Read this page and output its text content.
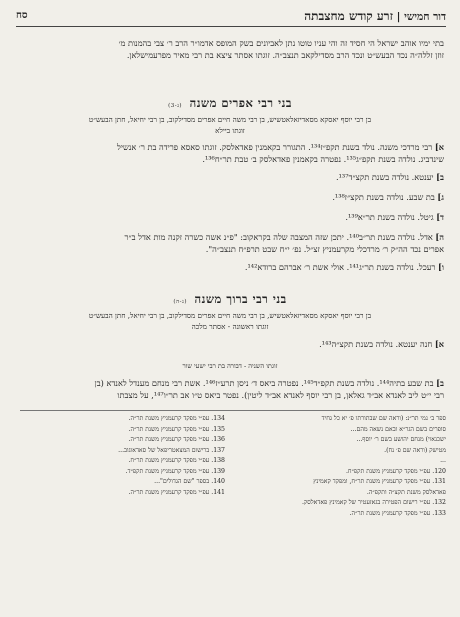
סח	דור חמישי | זרע קודש מחצבתה
בתי ימיו אוהב ישראל הי חסיד זה והי עניו טוטו נתן לאביונים בשק המופס אדמו״ר הרב ר׳ צבי בהמנות מ׳
זוזן זללה״ה נכד הבעש״ט ונכד הרב מסדילקאב תנצב״ה. זוגתו אסתר ציצא בת רבי מאיר מפרעמישלאן.
בני רבי אפרים משנה (נ-3)
בן רבי יוסף יאסקא מסאדיזאלאטשיש, בן רבי משה חיים אפרים מסדילקוב, בן רבי יחיאל, חתן הבעש״ט
זוגתו ביילא
א] רבי מרדכי משנה. נולד בשנת תקפ״ז¹³⁴. התגורר בקאמנין פאדאלסק. זוגתו סאסא פרידה בת ר׳ אנשיל
שינדביג. נולדה בשנת תקפ״ג¹³⁵. נפטרה בקאמנין פאדאלסק ב׳ טבת תר״ח¹³⁶.
ב] יענטא. נולדה בשנת תקצ״ד¹³⁷.
ג] בת שבע. נולדה בשנת תקצ״ז¹³⁸.
ד] גיטל. נולדה בשנת תר״א¹³⁹.
ה] אדל. נולדה בשנת תר״ב¹⁴⁰. יתכן שזה המצבה שלה בקראקוב: "פ״נ אשה כשרה זקנה מות אדל ב״ר
אפרים נכד הה״ק ר׳ מרדכלי מקרעמניץ זצ״ל. נפ׳ י״ח שבט תרפ״ח תנצב״ה".
ו] רעכל. נולדה בשנת תר״ג¹⁴¹. אולי אשת ר׳ אברהם ברודא¹⁴².
בני רבי ברוך משנה (נ-ה)
בן רבי יוסף יאסקא מסאדיזאלאטשיש, בן רבי משה חיים אפרים מסדילקוב, בן רבי יחיאל, חתן הבעש״ט
זוגתו ראשונה - אסתר מלכה
א] חנה יענטא. נולדה בשנת תקצ״ה¹⁴³.
זוגתו השניה - דבורה בת רבי ישעי שור
ב] בת שבע בתיה¹⁴⁴. נולדה בשנת תקפ״ד¹⁴⁵. נפטרה ביאס ד׳ ניסן תרע״ז¹⁴⁶. אשת רבי מנחם מענדל לאנדא (בן
רבי י״ט ליב לאנדא אב״ד גאלאן, בן רבי יוסף לאנדא אב״ד ליטין). נפטר ביאס ט״ו אב תר״ו¹⁴⁷, על מצבתו
ספר ב׳ נמי תר״נ: (וראה שם שבתורתו פ׳ יא כל גחיד
סופרים בשם הגר״א ובאם נשאה מהם...
ישכנאוי) מנחם יהושע בשם ר׳ יוסף...
מטישק (וראה שם פ׳ נח).
...
120. עפ״י מפקד קרעמניץ משנת תקפ״ח.
131. עפ״י מפקד קרעמניץ משנת תר״ח, ומפקד קאמינץ
פאדאלסק משנת תקצ״ה ותקפ״ה.
132. עפ״י רישום הפטירה בגאזעטיר של קאמינץ פאדאלסק.
133. עפ״י מפקד קרעמניץ משנת תר״ה.
134. עפ״י מפקד קרעמניץ משנת תר״ה.
135. עפ״י מפקד קרעמניץ משנת תר״ה.
136. עפ״י מפקד קרעמניץ משנת תר״ה.
137. ברישום המצאטריפאל של סאדאוגוב...
138. עפ״י מפקד קרעמניץ משנת תר״ח.
139. עפ״י מפקד קרעמניץ משנת תקפ״ד.
140. בספר "שם הגדולים"...
141. עפ״י מפקד קרעמניץ משנת תר״ה.
